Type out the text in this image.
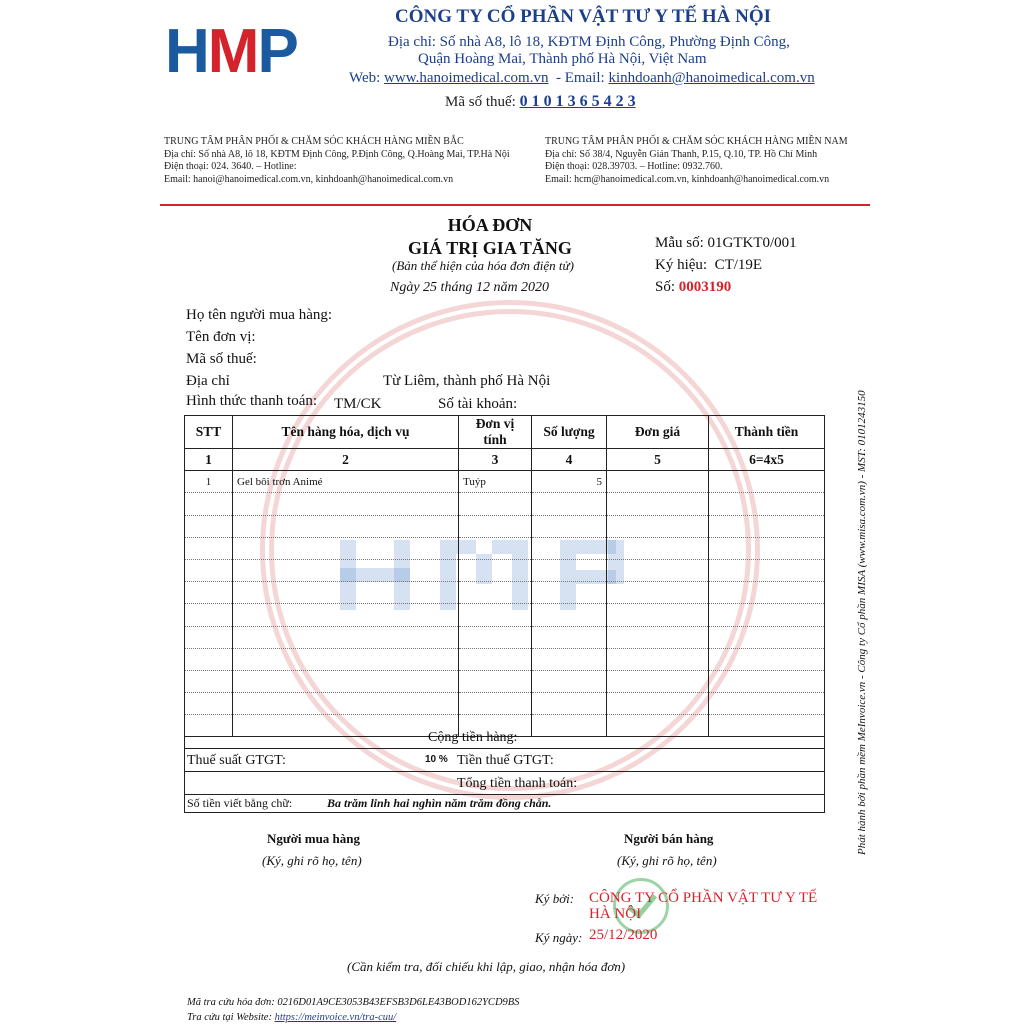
HMP
CÔNG TY CỔ PHẦN VẬT TƯ Y TẾ HÀ NỘI
Địa chỉ: Số nhà A8, lô 18, KĐTM Định Công, Phường Định Công,
Quận Hoàng Mai, Thành phố Hà Nội, Việt Nam
Web: www.hanoimedical.com.vn - Email: kinhdoanh@hanoimedical.com.vn
Mã số thuế: 0 1 0 1 3 6 5 4 2 3
TRUNG TÂM PHÂN PHỐI & CHĂM SÓC KHÁCH HÀNG MIỀN BẮC
Địa chỉ: Số nhà A8, lô 18, KĐTM Định Công, P.Định Công, Q.Hoàng Mai, TP.Hà Nội
Điện thoại: 024. 3640. – Hotline:
Email: hanoi@hanoimedical.com.vn, kinhdoanh@hanoimedical.com.vn
TRUNG TÂM PHÂN PHỐI & CHĂM SÓC KHÁCH HÀNG MIỀN NAM
Địa chỉ: Số 38/4, Nguyễn Giản Thanh, P.15, Q.10, TP. Hồ Chí Minh
Điện thoại: 028.39703. – Hotline: 0932.760.
Email: hcm@hanoimedical.com.vn, kinhdoanh@hanoimedical.com.vn
HÓA ĐƠN
GIÁ TRỊ GIA TĂNG
(Bản thể hiện của hóa đơn điện tử)
Ngày 25 tháng 12 năm 2020
Mẫu số: 01GTKT0/001
Ký hiệu: CT/19E
Số: 0003190
Họ tên người mua hàng:
Tên đơn vị:
Mã số thuế:
Địa chỉ	Từ Liêm, thành phố Hà Nội
Hình thức thanh toán: TM/CK	Số tài khoản:
STT	Tên hàng hóa, dịch vụ	Đơn vị tính	Số lượng	Đơn giá	Thành tiền
1	2	3	4	5	6=4x5
1	Gel bôi trơn Animé	Tuýp	5		

Cộng tiền hàng:
Thuế suất GTGT:	10 % Tiền thuế GTGT:
Tổng tiền thanh toán:
Số tiền viết bằng chữ:	Ba trăm linh hai nghìn năm trăm đồng chẵn.
Người mua hàng
(Ký, ghi rõ họ, tên)
Người bán hàng
(Ký, ghi rõ họ, tên)
Ký bởi: CÔNG TY CỔ PHẦN VẬT TƯ Y TẾ HÀ NỘI
Ký ngày: 25/12/2020
(Cần kiểm tra, đối chiếu khi lập, giao, nhận hóa đơn)
Mã tra cứu hóa đơn: 0216D01A9CE3053B43EFSB3D6LE43BOD162YCD9BS
Tra cứu tại Website: https://meinvoice.vn/tra-cuu/
Phát hành bởi phần mềm MeInvoice.vn - Công ty Cổ phần MISA (www.misa.com.vn) - MST: 0101243150
